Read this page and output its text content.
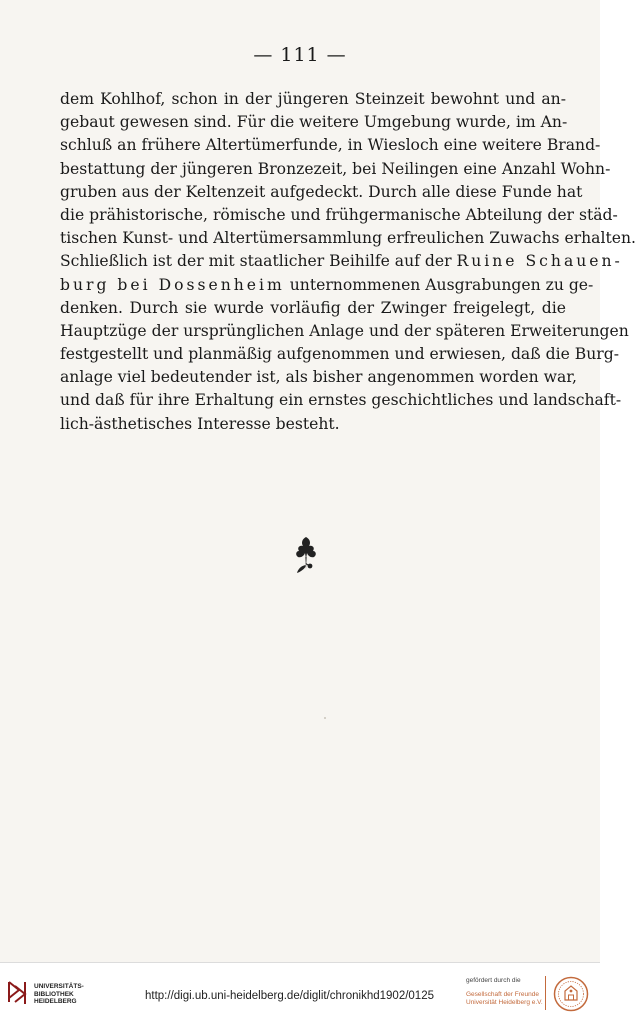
— 111 —
dem Kohlhof, schon in der jüngeren Steinzeit bewohnt und an-
gebaut gewesen sind. Für die weitere Umgebung wurde, im An-
schluß an frühere Altertümerfunde, in Wiesloch eine weitere Brand-
bestattung der jüngeren Bronzezeit, bei Neilingen eine Anzahl Wohn-
gruben aus der Keltenzeit aufgedeckt. Durch alle diese Funde hat
die prähistorische, römische und frühgermanische Abteilung der städ-
tischen Kunst- und Altertümersammlung erfreulichen Zuwachs erhalten.
Schließlich ist der mit staatlicher Beihilfe auf der Ruine Schauen-
burg bei Dossenheim unternommenen Ausgrabungen zu ge-
denken. Durch sie wurde vorläufig der Zwinger freigelegt, die
Hauptzüge der ursprünglichen Anlage und der späteren Erweiterungen
festgestellt und planmäßig aufgenommen und erwiesen, daß die Burg-
anlage viel bedeutender ist, als bisher angenommen worden war,
und daß für ihre Erhaltung ein ernstes geschichtliches und landschaft-
lich-ästhetisches Interesse besteht.
UNIVERSITÄTS-
BIBLIOTHEK
HEIDELBERG	http://digi.ub.uni-heidelberg.de/diglit/chronikhd1902/0125
gefördert durch die
Gesellschaft der Freunde
Universität Heidelberg e.V.
